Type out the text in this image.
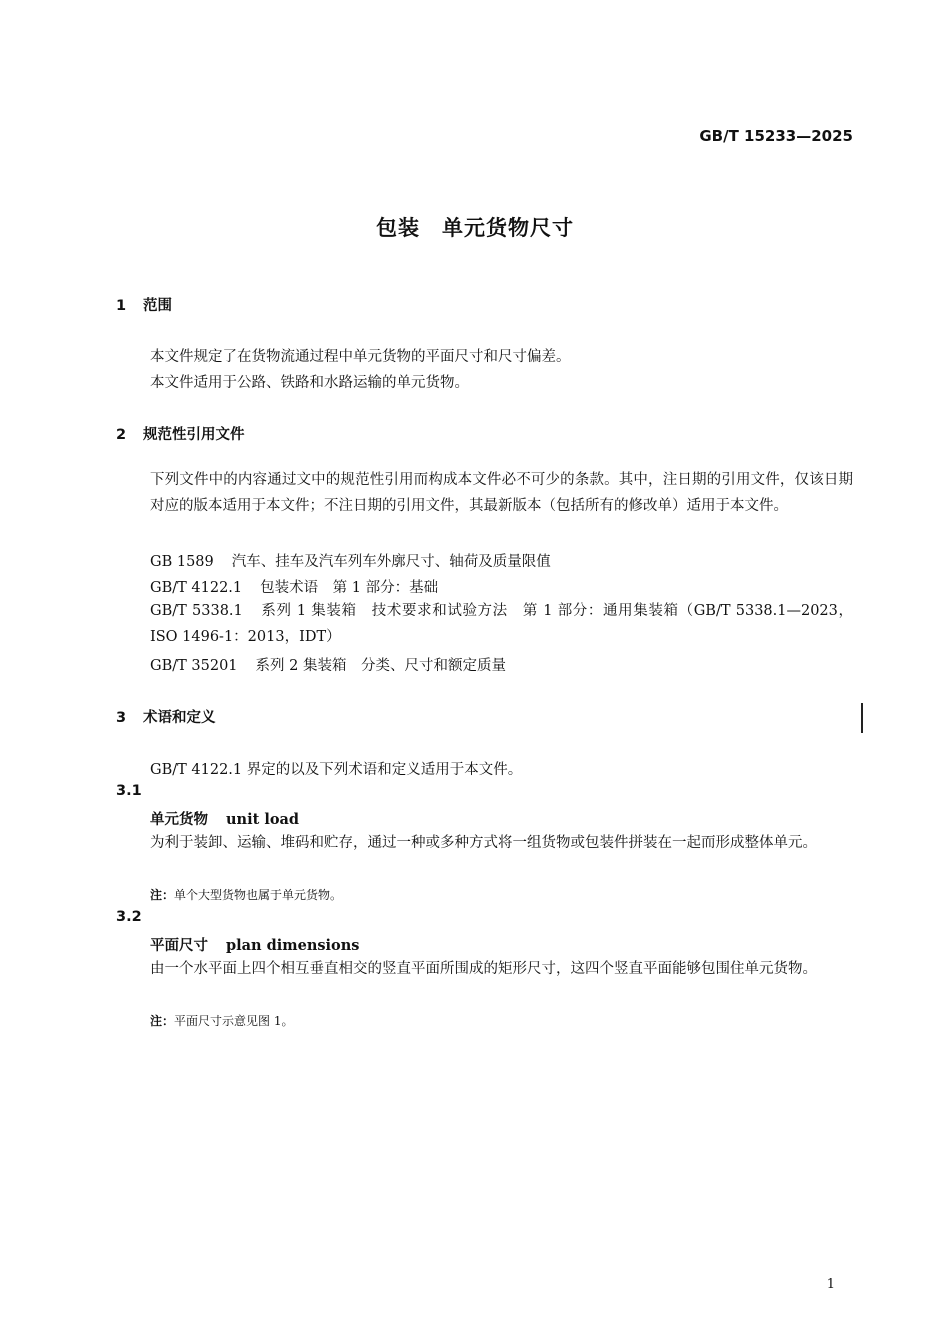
GB/T 15233—2025
包装　单元货物尺寸
1 范围
本文件规定了在货物流通过程中单元货物的平面尺寸和尺寸偏差。
本文件适用于公路、铁路和水路运输的单元货物。
2 规范性引用文件
下列文件中的内容通过文中的规范性引用而构成本文件必不可少的条款。其中，注日期的引用文件，仅该日期对应的版本适用于本文件；不注日期的引用文件，其最新版本（包括所有的修改单）适用于本文件。
GB 1589 汽车、挂车及汽车列车外廓尺寸、轴荷及质量限值
GB/T 4122.1 包装术语　第 1 部分：基础
GB/T 5338.1 系列 1 集装箱　技术要求和试验方法　第 1 部分：通用集装箱（GB/T 5338.1—2023，ISO 1496-1：2013，IDT）
GB/T 35201 系列 2 集装箱　分类、尺寸和额定质量
3 术语和定义
GB/T 4122.1 界定的以及下列术语和定义适用于本文件。
3.1
单元货物 unit load
为利于装卸、运输、堆码和贮存，通过一种或多种方式将一组货物或包装件拼装在一起而形成整体单元。
注：单个大型货物也属于单元货物。
3.2
平面尺寸 plan dimensions
由一个水平面上四个相互垂直相交的竖直平面所围成的矩形尺寸，这四个竖直平面能够包围住单元货物。
注：平面尺寸示意见图 1。
1
